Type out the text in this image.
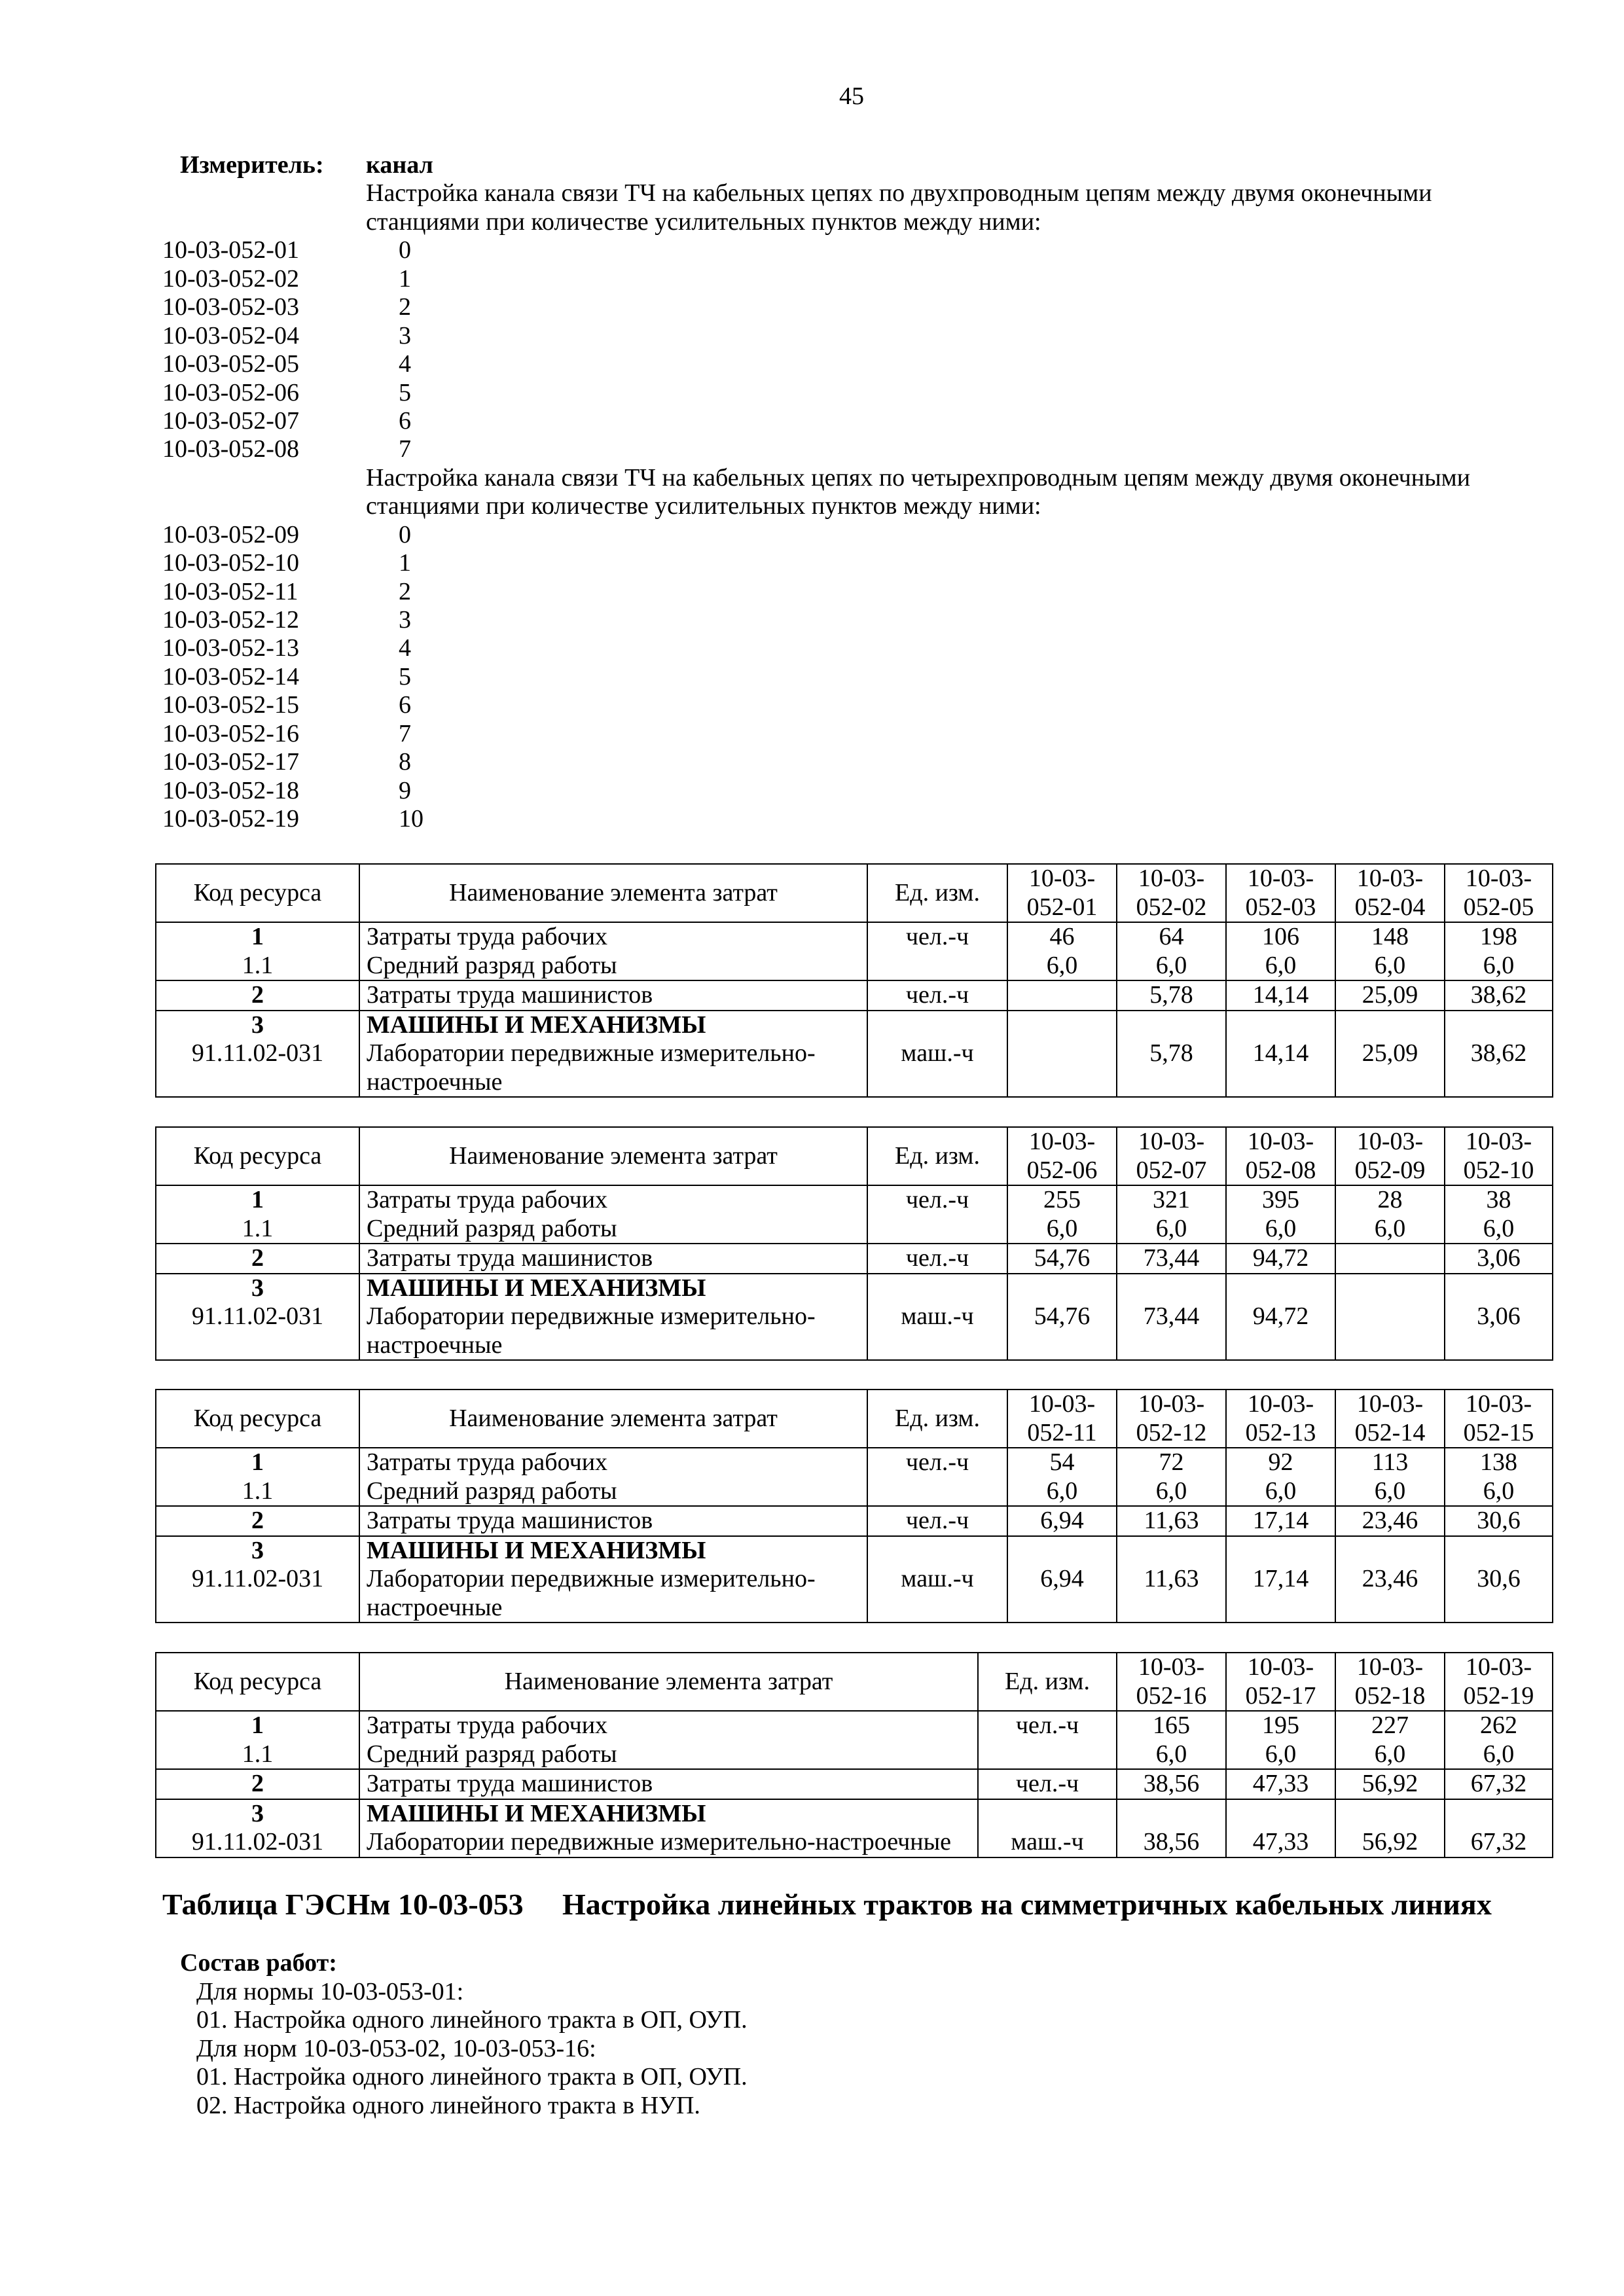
45
Измеритель:	канал
Настройка канала связи ТЧ на кабельных цепях по двухпроводным цепям между двумя оконечными
станциями при количестве усилительных пунктов между ними:
10-03-052-01	0
10-03-052-02	1
10-03-052-03	2
10-03-052-04	3
10-03-052-05	4
10-03-052-06	5
10-03-052-07	6
10-03-052-08	7
Настройка канала связи ТЧ на кабельных цепях по четырехпроводным цепям между двумя оконечными
станциями при количестве усилительных пунктов между ними:
10-03-052-09	0
10-03-052-10	1
10-03-052-11	2
10-03-052-12	3
10-03-052-13	4
10-03-052-14	5
10-03-052-15	6
10-03-052-16	7
10-03-052-17	8
10-03-052-18	9
10-03-052-19	10
Код ресурса	Наименование элемента затрат	Ед. изм.	10-03-
052-01	10-03-
052-02	10-03-
052-03	10-03-
052-04	10-03-
052-05
1	Затраты труда рабочих	чел.-ч	46	64	106	148	198
1.1	Средний разряд работы		6,0	6,0	6,0	6,0	6,0
2	Затраты труда машинистов	чел.-ч		5,78	14,14	25,09	38,62
3	МАШИНЫ И МЕХАНИЗМЫ						
91.11.02-031	Лаборатории передвижные измерительно-настроечные	маш.-ч		5,78	14,14	25,09	38,62
Код ресурса	Наименование элемента затрат	Ед. изм.	10-03-
052-06	10-03-
052-07	10-03-
052-08	10-03-
052-09	10-03-
052-10
1	Затраты труда рабочих	чел.-ч	255	321	395	28	38
1.1	Средний разряд работы		6,0	6,0	6,0	6,0	6,0
2	Затраты труда машинистов	чел.-ч	54,76	73,44	94,72		3,06
3	МАШИНЫ И МЕХАНИЗМЫ						
91.11.02-031	Лаборатории передвижные измерительно-настроечные	маш.-ч	54,76	73,44	94,72		3,06
Код ресурса	Наименование элемента затрат	Ед. изм.	10-03-
052-11	10-03-
052-12	10-03-
052-13	10-03-
052-14	10-03-
052-15
1	Затраты труда рабочих	чел.-ч	54	72	92	113	138
1.1	Средний разряд работы		6,0	6,0	6,0	6,0	6,0
2	Затраты труда машинистов	чел.-ч	6,94	11,63	17,14	23,46	30,6
3	МАШИНЫ И МЕХАНИЗМЫ						
91.11.02-031	Лаборатории передвижные измерительно-настроечные	маш.-ч	6,94	11,63	17,14	23,46	30,6
Код ресурса	Наименование элемента затрат	Ед. изм.	10-03-
052-16	10-03-
052-17	10-03-
052-18	10-03-
052-19
1	Затраты труда рабочих	чел.-ч	165	195	227	262
1.1	Средний разряд работы		6,0	6,0	6,0	6,0
2	Затраты труда машинистов	чел.-ч	38,56	47,33	56,92	67,32
3	МАШИНЫ И МЕХАНИЗМЫ					
91.11.02-031	Лаборатории передвижные измерительно-настроечные	маш.-ч	38,56	47,33	56,92	67,32
Таблица ГЭСНм 10-03-053 Настройка линейных трактов на симметричных кабельных линиях
Состав работ:
Для нормы 10-03-053-01:
01. Настройка одного линейного тракта в ОП, ОУП.
Для норм 10-03-053-02, 10-03-053-16:
01. Настройка одного линейного тракта в ОП, ОУП.
02. Настройка одного линейного тракта в НУП.
